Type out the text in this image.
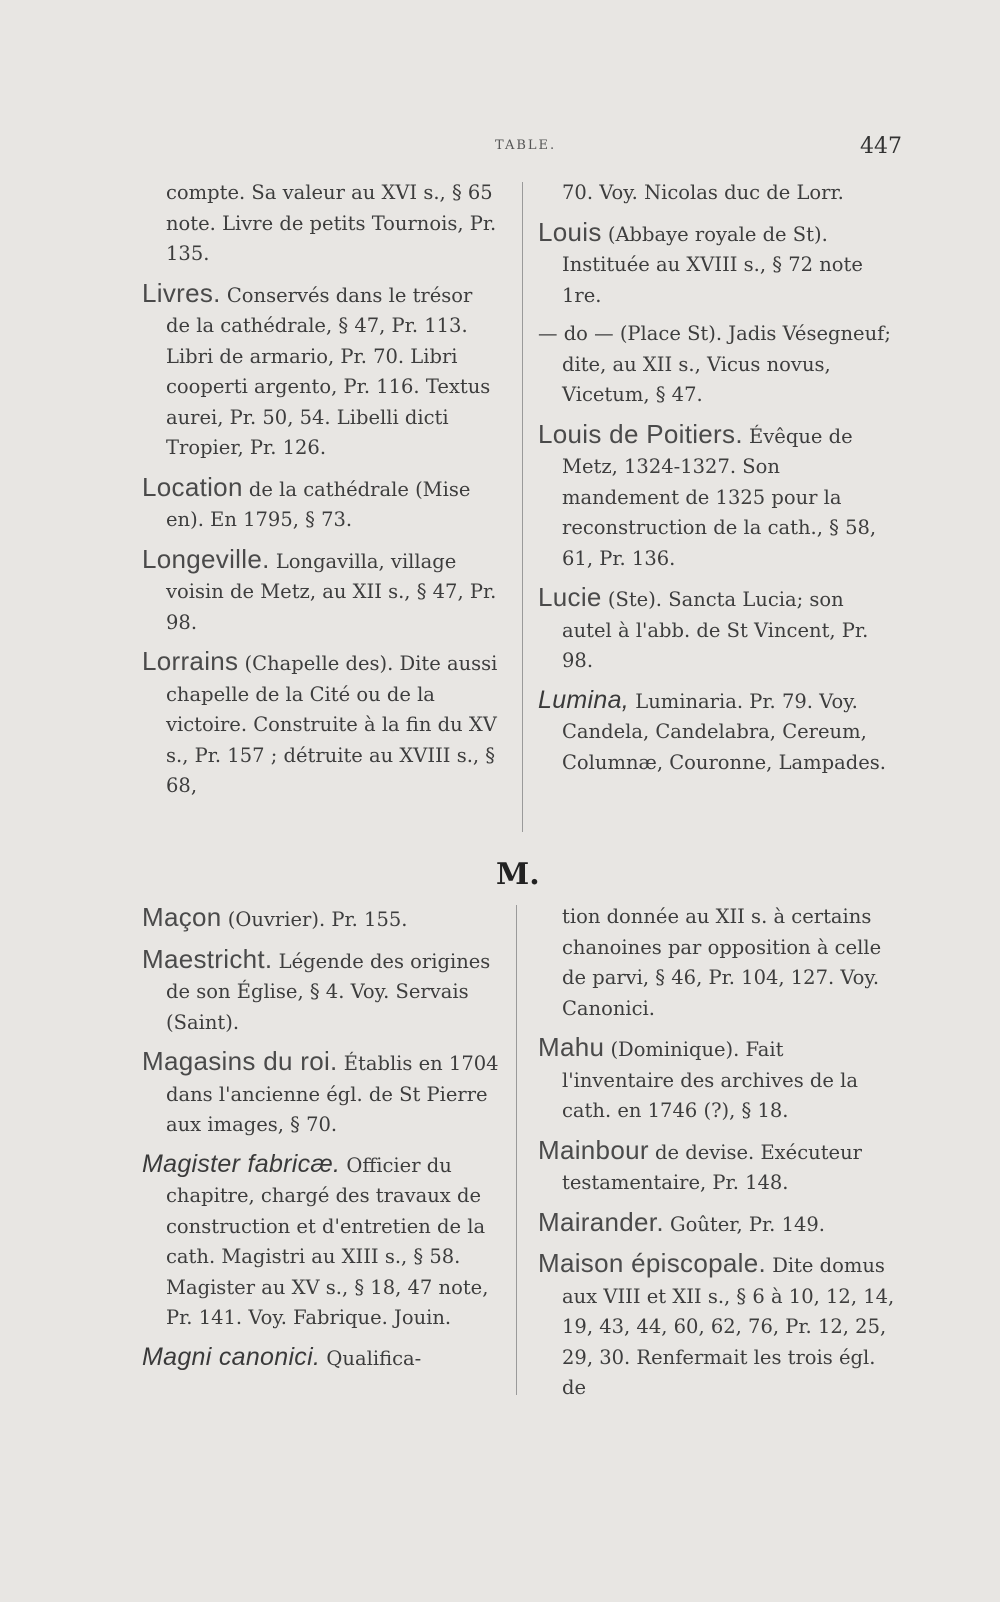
TABLE.	447

compte. Sa valeur au XVI s., § 65 note. Livre de petits Tournois, Pr. 135.

Livres. Conservés dans le trésor de la cathédrale, § 47, Pr. 113. Libri de armario, Pr. 70. Libri cooperti argento, Pr. 116. Textus aurei, Pr. 50, 54. Libelli dicti Tropier, Pr. 126.

Location de la cathédrale (Mise en). En 1795, § 73.

Longeville. Longavilla, village voisin de Metz, au XII s., § 47, Pr. 98.

Lorrains (Chapelle des). Dite aussi chapelle de la Cité ou de la victoire. Construite à la fin du XV s., Pr. 157 ; détruite au XVIII s., § 68,

70. Voy. Nicolas duc de Lorr.

Louis (Abbaye royale de St). Instituée au XVIII s., § 72 note 1re.

— do — (Place St). Jadis Vésegneuf; dite, au XII s., Vicus novus, Vicetum, § 47.

Louis de Poitiers. Évêque de Metz, 1324-1327. Son mandement de 1325 pour la reconstruction de la cath., § 58, 61, Pr. 136.

Lucie (Ste). Sancta Lucia; son autel à l'abb. de St Vincent, Pr. 98.

Lumina, Luminaria. Pr. 79. Voy. Candela, Candelabra, Cereum, Columnæ, Couronne, Lampades.

M.

Maçon (Ouvrier). Pr. 155.

Maestricht. Légende des origines de son Église, § 4. Voy. Servais (Saint).

Magasins du roi. Établis en 1704 dans l'ancienne égl. de St Pierre aux images, § 70.

Magister fabricæ. Officier du chapitre, chargé des travaux de construction et d'entretien de la cath. Magistri au XIII s., § 58. Magister au XV s., § 18, 47 note, Pr. 141. Voy. Fabrique. Jouin.

Magni canonici. Qualifica-

tion donnée au XII s. à certains chanoines par opposition à celle de parvi, § 46, Pr. 104, 127. Voy. Canonici.

Mahu (Dominique). Fait l'inventaire des archives de la cath. en 1746 (?), § 18.

Mainbour de devise. Exécuteur testamentaire, Pr. 148.

Mairander. Goûter, Pr. 149.

Maison épiscopale. Dite domus aux VIII et XII s., § 6 à 10, 12, 14, 19, 43, 44, 60, 62, 76, Pr. 12, 25, 29, 30. Renfermait les trois égl. de
